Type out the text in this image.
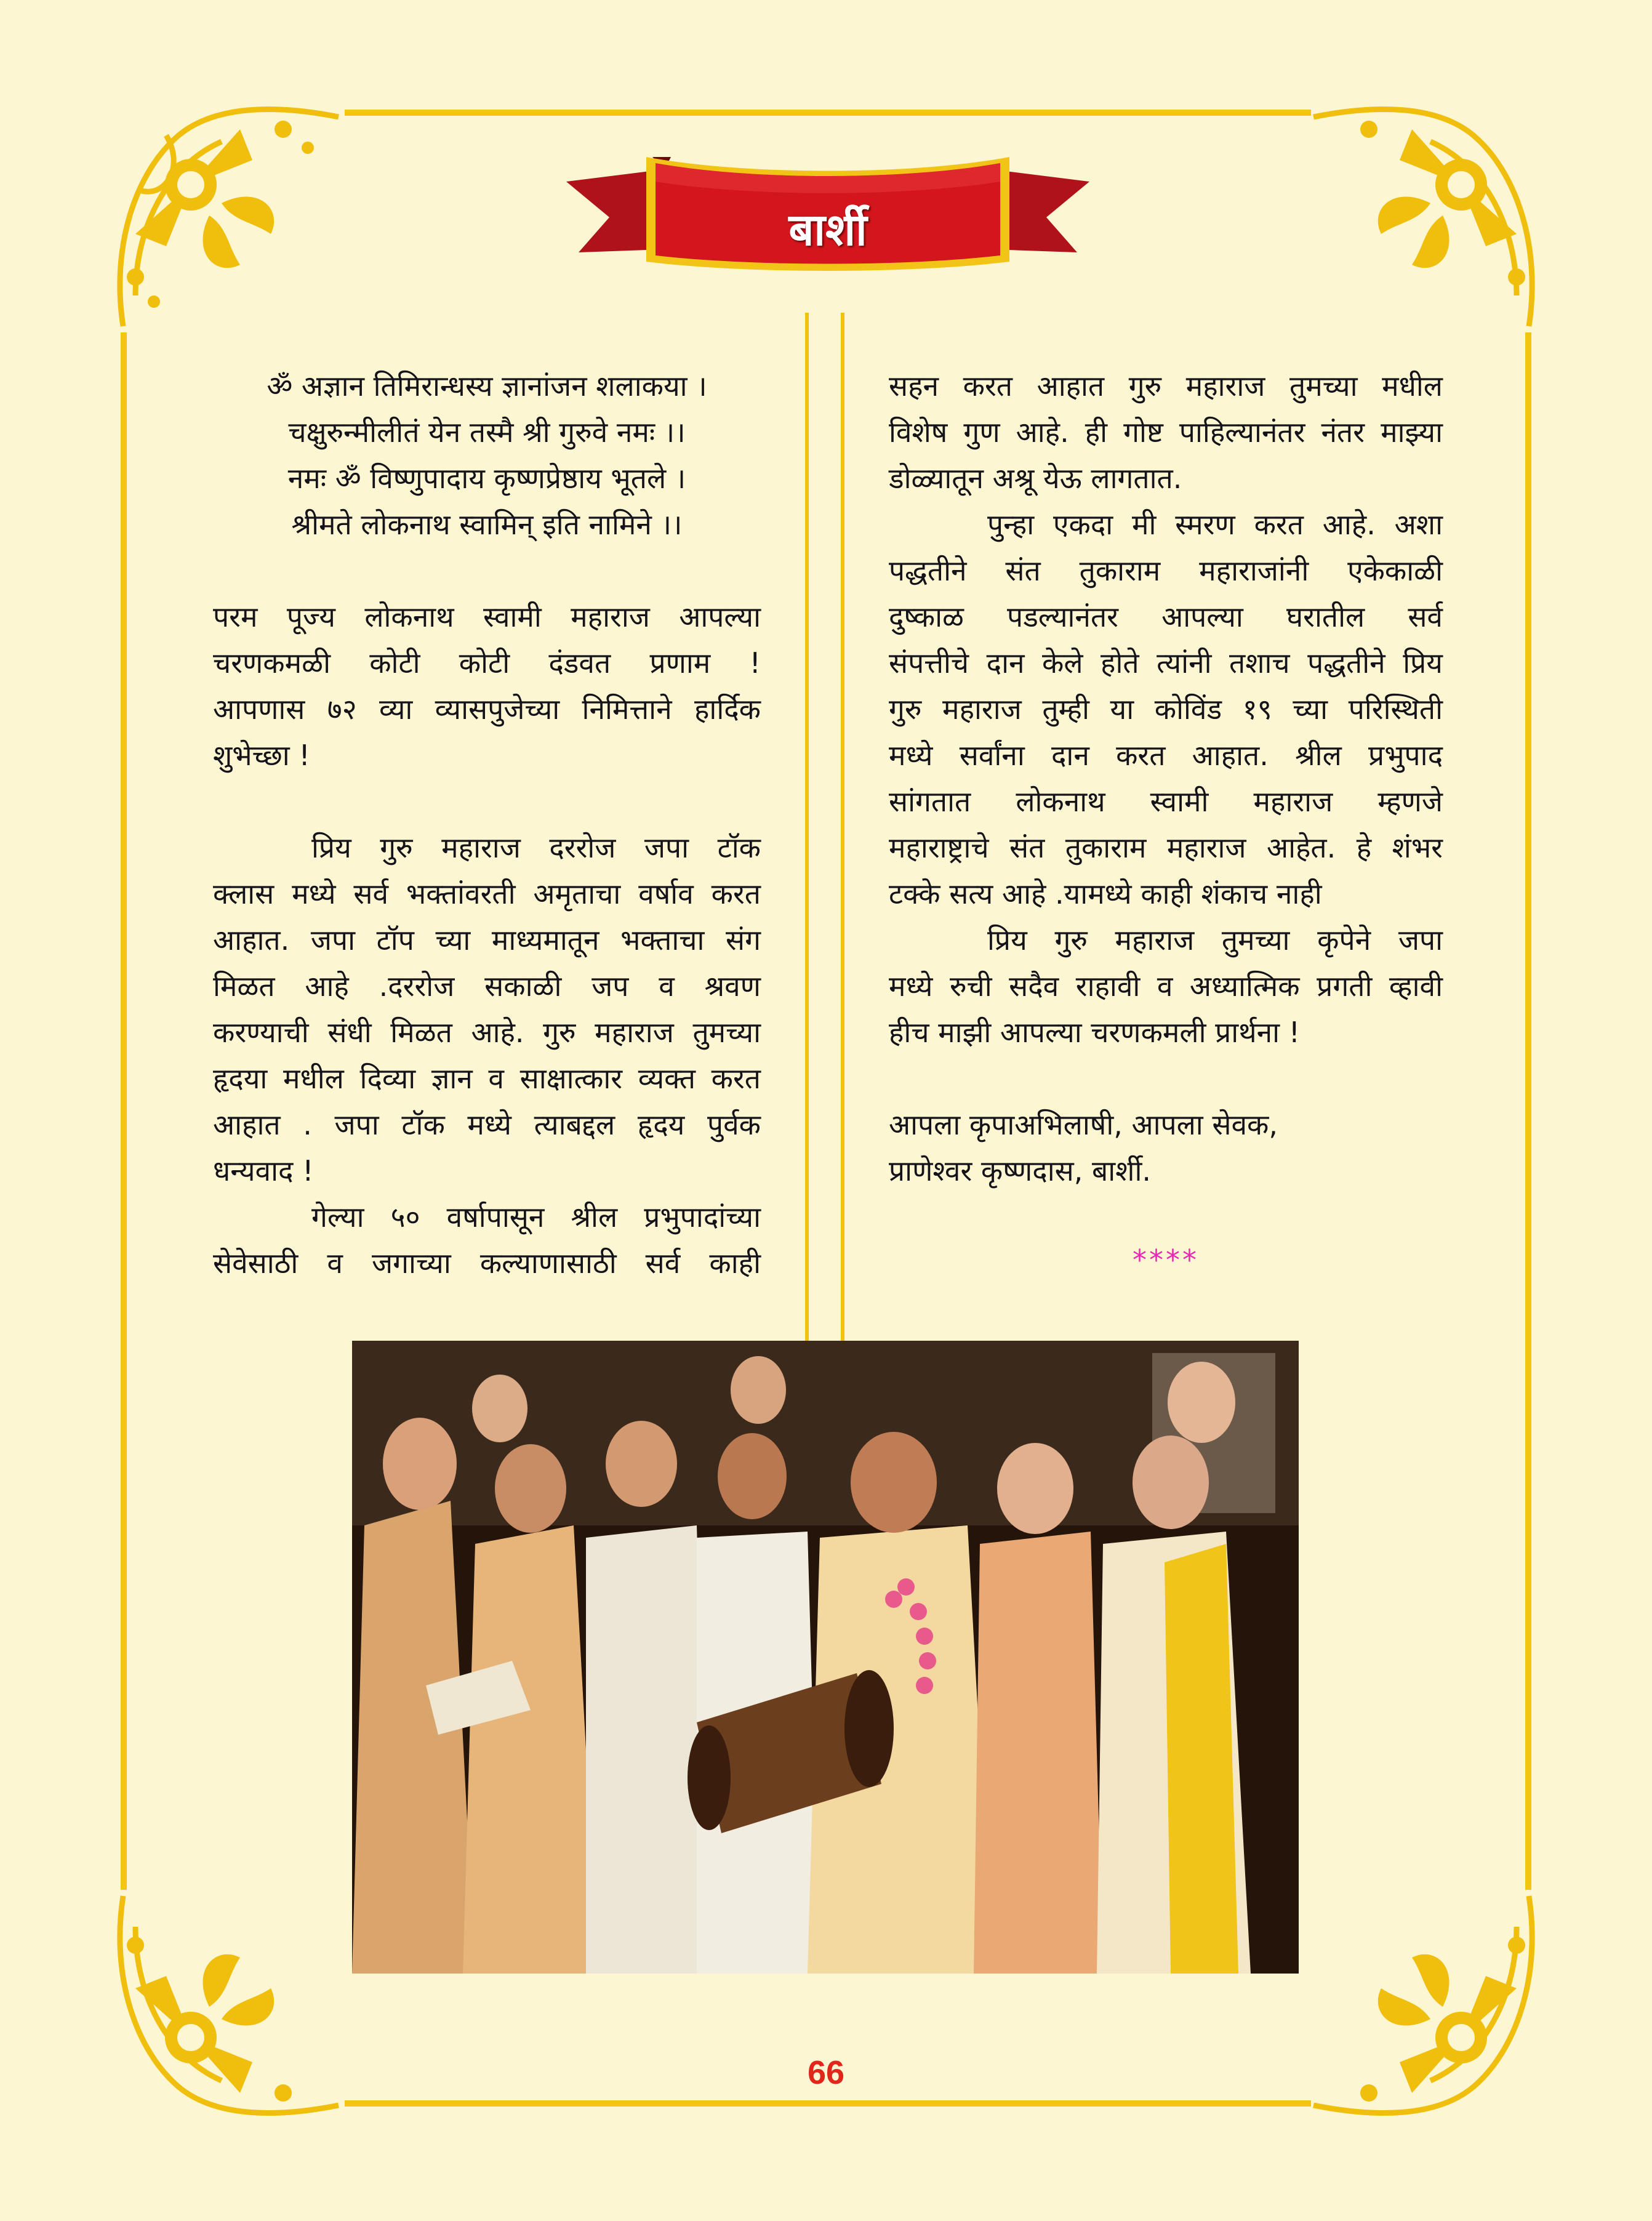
बार्शी

ॐ अज्ञान तिमिरान्धस्य ज्ञानांजन शलाकया ।

चक्षुरुन्मीलीतं येन तस्मै श्री गुरुवे नमः ।।

नमः ॐ विष्णुपादाय कृष्णप्रेष्ठाय भूतले ।

श्रीमते लोकनाथ स्वामिन् इति नामिने ।।

परम पूज्य लोकनाथ स्वामी महाराज आपल्या

चरणकमळी कोटी कोटी दंडवत प्रणाम !

आपणास ७२ व्या व्यासपुजेच्या निमित्ताने हार्दिक

शुभेच्छा !

प्रिय गुरु महाराज दररोज जपा टॉक

क्लास मध्ये सर्व भक्तांवरती अमृताचा वर्षाव करत

आहात. जपा टॉप च्या माध्यमातून भक्ताचा संग

मिळत आहे .दररोज सकाळी जप व श्रवण

करण्याची संधी मिळत आहे. गुरु महाराज तुमच्या

हृदया मधील दिव्या ज्ञान व साक्षात्कार व्यक्त करत

आहात . जपा टॉक मध्ये त्याबद्दल हृदय पुर्वक

धन्यवाद !

गेल्या ५० वर्षापासून श्रील प्रभुपादांच्या

सेवेसाठी व जगाच्या कल्याणासाठी सर्व काही

सहन करत आहात गुरु महाराज तुमच्या मधील

विशेष गुण आहे. ही गोष्ट पाहिल्यानंतर नंतर माझ्या

डोळ्यातून अश्रू येऊ लागतात.

पुन्हा एकदा मी स्मरण करत आहे. अशा

पद्धतीने संत तुकाराम महाराजांनी एकेकाळी

दुष्काळ पडल्यानंतर आपल्या घरातील सर्व

संपत्तीचे दान केले होते त्यांनी तशाच पद्धतीने प्रिय

गुरु महाराज तुम्ही या कोविंड १९ च्या परिस्थिती

मध्ये सर्वांना दान करत आहात. श्रील प्रभुपाद

सांगतात लोकनाथ स्वामी महाराज म्हणजे

महाराष्ट्राचे संत तुकाराम महाराज आहेत. हे शंभर

टक्के सत्य आहे .यामध्ये काही शंकाच नाही

प्रिय गुरु महाराज तुमच्या कृपेने जपा

मध्ये रुची सदैव राहावी व अध्यात्मिक प्रगती व्हावी

हीच माझी आपल्या चरणकमली प्रार्थना !

आपला कृपाअभिलाषी, आपला सेवक,

प्राणेश्वर कृष्णदास, बार्शी.

****
66
